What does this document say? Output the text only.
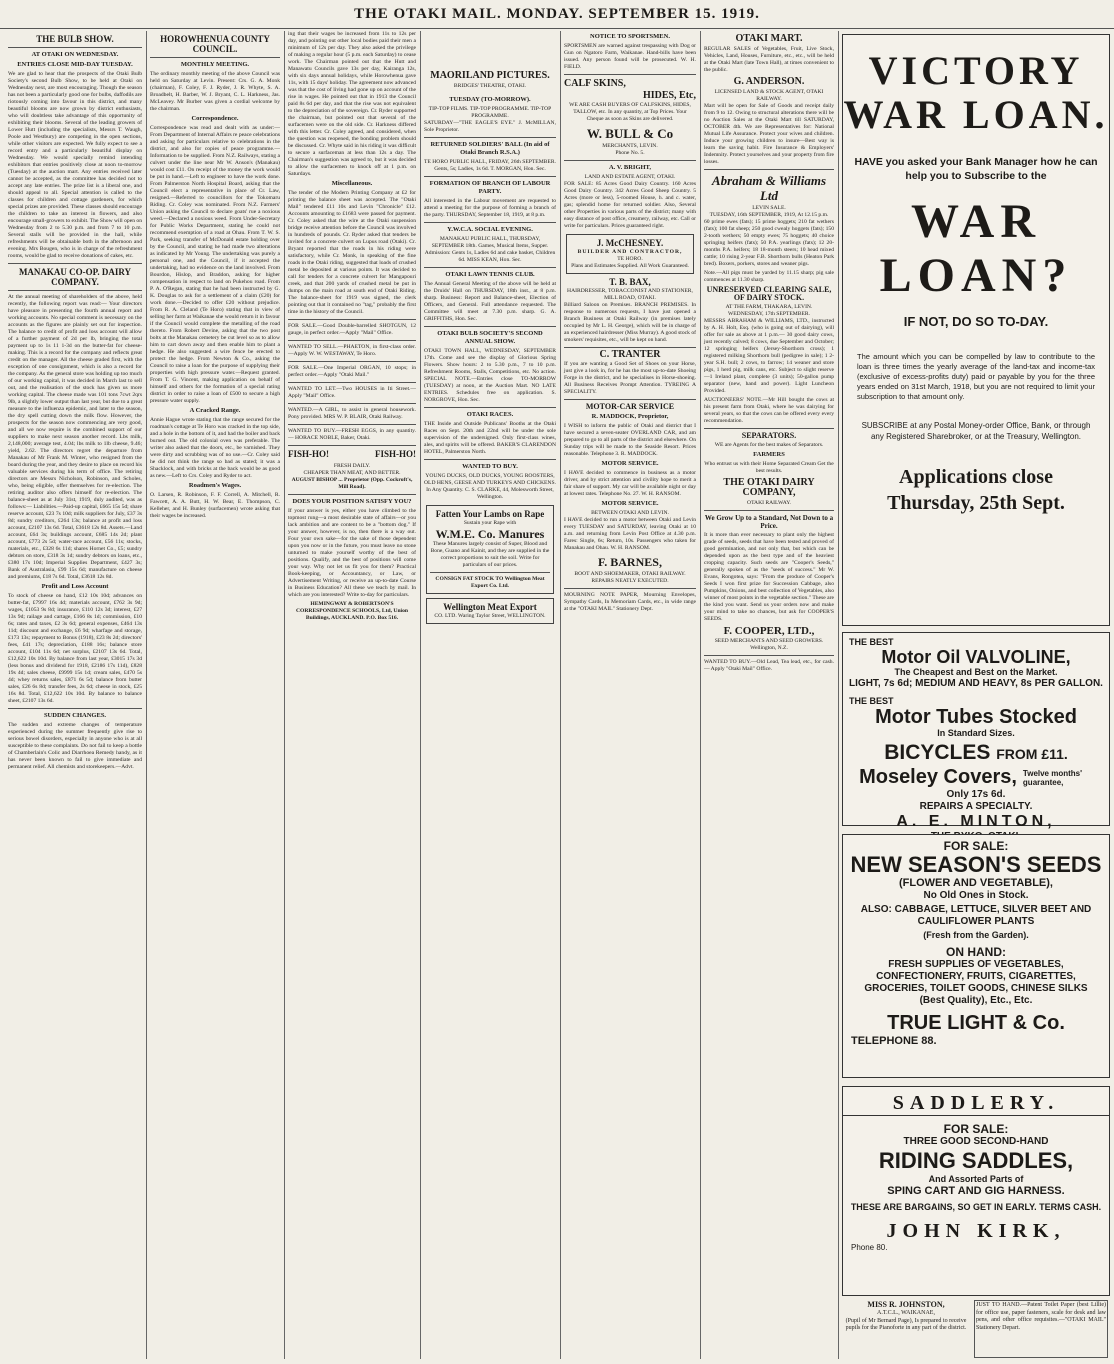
THE OTAKI MAIL. MONDAY. SEPTEMBER 15. 1919.
THE BULB SHOW.
AT OTAKI ON WEDNESDAY.
ENTRIES CLOSE MID-DAY TUESDAY.
We are glad to hear that the prospects of the Otaki Bulb Society's second Bulb Show, to be held at Otaki on Wednesday next, are most encouraging. Though the season has not been a particularly good one for bulbs, daffodils are riotously coming into favour in this district, and many beautiful blooms are now grown by district enthusiasts, who will doubtless take advantage of this opportunity of exhibiting their blooms. Several of the leading growers of Lower Hutt (including the specialists, Messrs T. Waugh, Poole and Westbury) are competing in the open sections, while other visitors are expected. We fully expect to see a record entry and a particularly beautiful display on Wednesday. We would specially remind intending exhibitors that entries positively close at noon to-morrow (Tuesday) at the auction mart. Any entries received later cannot be accepted, as the committee has decided not to accept any late entries. The prize list is a liberal one, and should appeal to all. Special attention is called to the classes for children and cottage gardeners, for which special prizes are provided. These classes should encourage the children to take an interest in flowers, and also encourage small-growers to exhibit. The Show will open on Wednesday from 2 to 5.30 p.m. and from 7 to 10 p.m. Several stalls will be provided in the hall, while refreshments will be obtainable both in the afternoon and evening. Mrs Bougen, who is in charge of the refreshment rooms, would be glad to receive donations of cakes, etc.
MANAKAU CO-OP. DAIRY COMPANY.
At the annual meeting of shareholders of the above, held recently, the following report was read:— Your directors have pleasure in presenting the fourth annual report and working accounts. No special comment is necessary on the accounts as the figures are plainly set out for inspection. The balance to credit of profit and loss account will allow of a further payment of 2d per lb, bringing the total payment up to 1s 11 1-3d on the butter-fat for cheese-making. This is a record for the company and reflects great credit on the manager. All the cheese graded first, with the exception of one consignment, which is also a record for the company. As the general store was holding up too much of our working capital, it was decided in March last to sell out, and the realisation of the stock has given us more working capital. The cheese made was 101 tons 7cwt 2qrs 9lb, a slightly lower output than last year, but due to a great measure to the influenza epidemic, and later to the season, the dry spell cutting down the milk flow. However, the prospects for the season now commencing are very good, and all we now require is the combined support of our suppliers to make next season another record. Lbs milk, 2,148,000; average test, 4.04; lbs milk to 1lb cheese, 9.46; yield, 2.62. The directors regret the departure from Manakau of Mr Frank M. Winter, who resigned from the board during the year, and they desire to place on record his valuable services during his term of office. The retiring directors are Messrs Nicholson, Robinson, and Scholes, who, being eligible, offer themselves for re-election. The retiring auditor also offers himself for re-election. The balance-sheet as at July 31st, 1919, duly audited, was as follows:— Liabilities.—Paid-up capital, £665 15s 5d; share reserve account, £23 7s 10d; milk suppliers for July, £37 3s 8d; sundry creditors, £264 13s; balance at profit and loss account, £2107 13s 6d. Total, £3618 12s 8d. Assets.—Land account, £64 3s; buildings account, £685 14s 2d; plant account, £773 2s 5d; water-race account, £56 11s; stocks, materials, etc., £328 6s 11d; shares Hornet Co., £5; sundry debtors on store, £318 3s 1d; sundry debtors on loans, etc., £380 17s 10d; Imperial Supplies Department, £427 3s; Bank of Australasia, £99 15s 6d; manufacture on cheese and premiums, £18 7s 6d. Total, £3618 12s 8d.
Profit and Loss Account
To stock of cheese on hand, £12 10s 10d; advances on butter-fat, £7997 16s 4d; materials account, £762 3s 9d; wages, £1053 9s 8d; insurance, £110 12s 3d; interest, £27 13s 9d; railage and cartage, £166 8s 1d; commission, £10 6s; rates and taxes, £2 3s 6d; general expenses, £464 13s 11d; discount and exchange, £6 9d; wharfage and storage, £173 13s; repayment to Bonus (1918), £23 8s 2d; directors' fees, £41 17s; depreciation, £188 16s; balance store account, £104 11s 6d; net surplus, £2107 13s 6d. Total, £12,622 10s 10d. By balance from last year, £3015 17s 3d (less bonus and dividend for 1918, £2186 17s 11d), £828 19s 4d; sales cheese, £9999 15s 1d; cream sales, £470 5s 4d; whey returns sales, £871 6s 5d; balance from butter sales, £26 6s 8d; transfer fees, 2s 6d; cheese in stock, £25 16s 8d. Total, £12,622 10s 10d. By balance to balance sheet, £2107 13s 6d.
SUDDEN CHANGES.
The sudden and extreme changes of temperature experienced during the summer frequently give rise to serious bowel disorders, especially in anyone who is at all susceptible to these complaints. Do not fail to keep a bottle of Chamberlain's Colic and Diarrhoea Remedy handy, as it has never been known to fail to give immediate and permanent relief. All chemists and storekeepers.—Advt.
HOROWHENUA COUNTY COUNCIL.
MONTHLY MEETING.
The ordinary monthly meeting of the above Council was held on Saturday at Levin. Present: Crs. G. A. Monk (chairman), F. Coley, F. J. Ryder, J. R. Whyte, S. A. Broadbelt, H. Barber, W. J. Bryant, C. L. Harkness, Jas. McLeavey. Mr Burber was given a cordial welcome by the chairman.
Correspondence.
Correspondence was read and dealt with as under:— From Department of Internal Affairs re peace celebrations and asking for particulars relative to celebrations in the district, and also for copies of peace programme.—Information to be supplied. From N.Z. Railways, stating a culvert under the line near Mr W. Anson's (Manakau) would cost £11. On receipt of the money the work would be put in hand.—Left to engineer to have the work done. From Palmerston North Hospital Board, asking that the Council elect a representative in place of Cr. Law, resigned.—Referred to councillors for the Tokomaru Riding. Cr. Coley was nominated. From N.Z. Farmers' Union asking the Council to declare goats' rue a noxious weed.—Declared a noxious weed. From Under-Secretary for Public Works Department, stating he could not recommend exemption of a road at Ohau. From T. W. S. Park, seeking transfer of McDonald estate holding over by the Council, and stating he had made two alterations as indicated by Mr Young. The undertaking was purely a personal one, and the Council, if it accepted the undertaking, had no evidence on the land involved. From Bourdon, Hislop, and Braddon, asking for higher compensation in respect to land on Pukehou road. From P. A. O'Regan, stating that he had been instructed by G. K. Douglas to ask for a settlement of a claim (£20) for work done.—Decided to offer £20 without prejudice. From R. A. Cleland (Te Horo) stating that in view of selling her farm at Waikanae she would return it in favour if the Council would complete the metalling of the road thereto. From Robert Devine, asking that the two post bolts at the Manakau cemetery be cut level so as to allow him to cart down away and then enable him to plant a hedge. He also suggested a wire fence be erected to protect the hedge. From Newton & Co., asking the Council to raise a loan for the purpose of supplying their properties with high pressure water.—Request granted. From T. G. Vincent, making application on behalf of himself and others for the formation of a special rating district in order to raise a loan of £500 to secure a high pressure water supply.
A Cracked Range.
Annie Hague wrote stating that the range secured for the roadman's cottage at Te Horo was cracked in the top side, and a hole in the bottom of it, and had the boiler and back burned out. The old colonial oven was preferable. The writer also asked that the doors, etc., be varnished. They were dirty and scrubbing was of no use.—Cr. Coley said he did not think the range so bad as stated; it was a Shacklock, and with bricks at the back would be as good as new.—Left to Crs. Coley and Ryder to act.
Roadmen's Wages.
O. Larsen, R. Robinson, F. F. Correll, A. Mitchell, R. Fawcett, A. A. Butt, H. W. Bear, E. Thompson, C. Kelleher, and H. Bunley (surfacemen) wrote asking that their wages be increased.
ing that their wages be increased from 11s to 12s per day, and pointing out other local bodies paid their men a minimum of 12s per day. They also asked the privilege of making a regular hour (5 p.m. each Saturday) to cease work. The Chairman pointed out that the Hutt and Manawatu Councils gave 13s per day, Kairanga 12s, with six days annual holidays, while Horowhenua gave 11s, with 15 days' holiday. The agreement now advanced was that the cost of living had gone up on account of the rise in wages. He pointed out that in 1913 the Council paid 8s 6d per day, and that the rise was not equivalent to the depreciation of the sovereign. Cr. Ryder supported the chairman, but pointed out that several of the surfacemen were on the old side. Cr. Harkness differed with this letter. Cr. Coley agreed, and considered, when the question was reopened, the bonding problem should be discussed. Cr. Whyte said in his riding it was difficult to secure a surfaceman at less than 12s a day. The Chairman's suggestion was agreed to, but it was decided to allow the surfacemen to knock off at 1 p.m. on Saturdays.
Miscellaneous.
The tender of the Modern Printing Company at £2 for printing the balance sheet was accepted. The "Otaki Mail" tendered £11 10s and Levin "Chronicle" £12. Accounts amounting to £1683 were passed for payment. Cr. Coley asked that the wire at the Otaki suspension bridge receive attention before the Council was involved in hundreds of pounds. Cr. Ryder asked that tenders be invited for a concrete culvert on Lupus road (Otaki). Cr. Bryant reported that the roads in his riding were satisfactory, while Cr. Monk, in speaking of the fine roads in the Otaki riding, suggested that loads of crushed metal be deposited at various points. It was decided to call for tenders for a concrete culvert for Mangapouri creek, and that 200 yards of crushed metal be put in dumps on the main road at south end of Otaki Riding. The balance-sheet for 1919 was signed, the clerk pointing out that it contained no "tag," probably the first time in the history of the Council.
FOR SALE.—Good Double-barrelled SHOTGUN, 12 gauge, in perfect order.—Apply "Mail" Office.
WANTED TO SELL.—PHAETON, in first-class order.—Apply W. W. WESTAWAY, Te Horo.
FOR SALE.—One Imperial ORGAN, 10 stops; in perfect order.—Apply "Otaki Mail."
WANTED TO LET.—Two HOUSES in Iti Street.—Apply "Mail" Office.
WANTED.—A GIRL, to assist in general housework. Pony provided. MRS W. P. BLAIR, Otaki Railway.
WANTED TO BUY.—FRESH EGGS, in any quantity. — HORACE NOBLE, Baker, Otaki.
FISH-HO!	FISH-HO!
FRESH DAILY.
CHEAPER THAN MEAT, AND BETTER.
AUGUST BISHOP ... Proprietor (Opp. Cockroft's, Mill Road).
DOES YOUR POSITION SATISFY YOU?
If your answer is yes, either you have climbed to the topmost rung—a most desirable state of affairs—or you lack ambition and are content to be a "bottom dog." If your answer, however, is no, then there is a way out. Four your own sake—for the sake of those dependent upon you now or in the future, you must leave no stone unturned to make yourself worthy of the best of positions. Qualify, and the best of positions will come your way. Why not let us fit you for them? Practical Book-keeping, or Accountancy, or Law, or Advertisement Writing, or receive an up-to-date Course in Business Education? All these we teach by mail. In which are you interested? Write to-day for particulars.
HEMINGWAY & ROBERTSON'S CORRESPONDENCE SCHOOLS, Ltd, Union Buildings, AUCKLAND. P.O. Box 516.
MAORILAND PICTURES.
BRIDGES' THEATRE, OTAKI.
TUESDAY (TO-MORROW).
TIP-TOP FILMS. TIP-TOP PROGRAMME. TIP-TOP PROGRAMME.
SATURDAY—"THE EAGLE'S EYE." J. McMILLAN, Sole Proprietor.
RETURNED SOLDIERS' BALL (In aid of Otaki Branch R.S.A.)
TE HORO PUBLIC HALL, FRIDAY, 26th SEPTEMBER. Gents, 5s; Ladies, 1s 6d. T. MORGAN, Hon. Sec.
FORMATION OF BRANCH OF LABOUR PARTY.
All interested in the Labour movement are requested to attend a meeting for the purpose of forming a branch of the party. THURSDAY, September 18, 1919, at 8 p.m.
Y.W.C.A. SOCIAL EVENING.
MANAKAU PUBLIC HALL, THURSDAY, SEPTEMBER 18th. Games, Musical Items, Supper. Admission: Gents 1s, Ladies 6d and cake basket, Children 6d. MISS KEAN, Hon. Sec.
OTAKI LAWN TENNIS CLUB.
The Annual General Meeting of the above will be held at the Druids' Hall on THURSDAY, 18th inst., at 8 p.m. sharp. Business: Report and Balance-sheet, Election of Officers, and General. Full attendance requested. The Committee will meet at 7.30 p.m. sharp. G. A. GRIFFITHS, Hon. Sec.
OTAKI BULB SOCIETY'S SECOND ANNUAL SHOW.
OTAKI TOWN HALL, WEDNESDAY, SEPTEMBER 17th. Come and see the display of Glorious Spring Flowers. Show hours: 2 to 5.30 p.m., 7 to 10 p.m. Refreshment Rooms, Stalls, Competitions, etc. No action. SPECIAL NOTE.—Entries close TO-MORROW (TUESDAY) at noon, at the Auction Mart. NO LATE ENTRIES. Schedules free on application. S. NORGROVE, Hon. Sec.
OTAKI RACES.
THE Inside and Outside Publicans' Booths at the Otaki Races on Sept. 20th and 22nd will be under the sole supervision of the undersigned. Only first-class wines, ales, and spirits will be offered. BAKER'S CLARENDON HOTEL, Palmerston North.
WANTED TO BUY.
YOUNG DUCKS, OLD DUCKS, YOUNG ROOSTERS, OLD HENS, GEESE AND TURKEYS AND CHICKENS. In Any Quantity. C. S. CLARKE, 44, Molesworth Street, Wellington.
Fatten Your Lambs on Rape
Sustain your Rape with
W.M.E. Co. Manures
These Manures largely consist of Super, Blood and Bone, Guano and Kainit, and they are supplied in the correct proportions to suit the soil. Write for particulars of our prices.
CONSIGN FAT STOCK TO Wellington Meat Export Co. Ltd.
Wellington Meat Export
CO. LTD. Waring Taylor Street, WELLINGTON.
NOTICE TO SPORTSMEN.
SPORTSMEN are warned against trespassing with Dog or Gun on Ngatoro Farm, Waikanae. Hand-bills have been issued. Any person found will be prosecuted. W. H. FIELD.
CALF SKINS,
HIDES, Etc,
WE ARE CASH BUYERS OF CALFSKINS, HIDES, TALLOW, etc. In any quantity, at Top Prices. Your Cheque as soon as Skins are delivered.
W. BULL & Co
MERCHANTS, LEVIN.
Phone No. 5.
A. V. BRIGHT,
LAND AND ESTATE AGENT, OTAKI.
FOR SALE: 85 Acres Good Dairy Country. 160 Acres Good Dairy Country. 342 Acres Good Sheep Country. 5 Acres (more or less), 5-roomed House, h. and c. water, gas; splendid home for returned soldier. Also, Several other Properties in various parts of the district; many with easy distance of post office, creamery, railway, etc. Call or write for particulars. Prices guaranteed right.
J. McCHESNEY.
BUILDER AND CONTRACTOR,
TE HORO.
Plans and Estimates Supplied. All Work Guaranteed.
T. B. BAX,
HAIRDRESSER, TOBACCONIST AND STATIONER,
MILL ROAD, OTAKI.
Billiard Saloon on Premises. BRANCH PREMISES. In response to numerous requests, I have just opened a Branch Business at Otaki Railway (in premises lately occupied by Mr L. H. George), which will be in charge of an experienced hairdresser (Miss Murray). A good stock of smokers' requisites, etc., will be kept on hand.
C. TRANTER
If you are wanting a Good Set of Shoes on your Horse, just give a look in, for he has the most up-to-date Shoeing Forge in the district, and he specialises in Horse-shoeing. All Business Receives Prompt Attention. TYREING A SPECIALITY.
MOTOR-CAR SERVICE
R. MADDOCK, Proprietor,
I WISH to inform the public of Otaki and district that I have secured a seven-seater OVERLAND CAR, and am prepared to go to all parts of the district and elsewhere. On Sunday trips will be made to the Seaside Resort. Prices reasonable. Telephone 3. R. MADDOCK.
MOTOR SERVICE.
I HAVE decided to commence in business as a motor driver, and by strict attention and civility hope to merit a fair share of support. My car will be available night or day at lowest rates. Telephone No. 27. W. H. RANSOM.
MOTOR SERVICE.
BETWEEN OTAKI AND LEVIN.
I HAVE decided to run a motor between Otaki and Levin every TUESDAY and SATURDAY, leaving Otaki at 10 a.m. and returning from Levin Post Office at 4.30 p.m. Fares: Single, 6s; Return, 10s. Passengers who taken for Manakau and Ohau. W. H. RANSOM.
F. BARNES,
BOOT AND SHOEMAKER, OTAKI RAILWAY. REPAIRS NEATLY EXECUTED.
MOURNING NOTE PAPER, Mourning Envelopes, Sympathy Cards, In Memoriam Cards, etc., in wide range at the "OTAKI MAIL" Stationery Dept.
OTAKI MART.
REGULAR SALES of Vegetables, Fruit, Live Stock, Vehicles, Land, Houses, Furniture, etc., etc., will be held at the Otaki Mart (late Town Hall), at times convenient to the public.
G. ANDERSON.
LICENSED LAND & STOCK AGENT, OTAKI RAILWAY.
Mart will be open for Sale of Goods and receipt daily from 9 to 12. Owing to structural alterations there will be no Auction Sales at the Otaki Mart till SATURDAY, OCTOBER 4th. We are Representatives for: National Mutual Life Assurance. Protect your wives and children. Induce your growing children to insure—Best way is learn the saving habit. Fire Insurance & Employers' Indemnity. Protect yourselves and your property from fire losses.
Abraham & Williams Ltd
LEVIN SALE.
TUESDAY, 16th SEPTEMBER, 1919, At 12.15 p.m.
60 prime ewes (fats); 15 prime hoggets; 210 fat wethers (fats); 100 fat sheep; 250 good cwealy hoggets (fats); 150 2-tooth wethers; 50 empty ewes; 75 hoggets; 40 choice springing heifers (fats); 50 P.A. yearlings (fats); 12 20-months P.A. heifers; 18 18-month steers; 10 head mixed cattle; 10 rising 2-year F.B. Shorthorn bulls (Heaton Park bred). Boxers, porkers, stores and weaner pigs.
Note.—All pigs must be yarded by 11.15 sharp; pig sale commences at 11.30 sharp.
UNRESERVED CLEARING SALE, OF DAIRY STOCK.
AT THE FARM, THAKARA, LEVIN.
WEDNESDAY, 17th SEPTEMBER.
MESSRS ABRAHAM & WILLIAMS, LTD., instructed by A. H. Holt, Esq. (who is going out of dairying), will offer for sale as above at 1 p.m.— 30 good dairy cows, just recently calved; 8 cows, due September and October; 12 springing heifers (Jersey-Shorthorn cross); 1 registered milking Shorthorn bull (pedigree in sale); 1 2-year S.H. bull; 2 cows, to farrow; 14 weaner and store pigs, 1 herd pig, milk cans, etc. Subject to slight reserve—1 Ireland plant, complete (3 units); 50-gallon pump separator (new, hand and power). Light Luncheon Provided.
AUCTIONEERS' NOTE.—Mr Hill bought the cows at his present farm from Otaki, where he was dairying for several years, so that the cows can be offered every every recommendation.
SEPARATORS.
WE are Agents for the best makes of Separators.
FARMERS
Who entrust us with their Home Separated Cream Get the best results.
THE OTAKI DAIRY COMPANY,
OTAKI RAILWAY.
We Grow Up to a Standard, Not Down to a Price.
It is more than ever necessary to plant only the highest grade of seeds, seeds that have been tested and proved of good germination, and not only that, but which can be depended upon as the best type and of the heaviest cropping capacity. Such seeds are "Cooper's Seeds," generally spoken of as the "seeds of success." Mr W. Evans, Rongotea, says: "From the produce of Cooper's Seeds I won first prize for Succession Cabbage, also Pumpkins, Onions, and best collection of Vegetables, also winner of most points in the vegetable section." These are the kind you want. Send us your orders now and make your mind to take no chances, but ask for COOPER'S SEEDS.
F. COOPER, LTD.,
SEED MERCHANTS AND SEED GROWERS. Wellington, N.Z.
WANTED TO BUY.—Old Lead, Tea lead, etc., for cash. — Apply "Otaki Mail" Office.
VICTORY
WAR LOAN.
HAVE you asked your Bank Manager how he can help you to Subscribe to the
WAR LOAN?
IF NOT, DO SO TO-DAY.
The amount which you can be compelled by law to contribute to the loan is three times the yearly average of the land-tax and income-tax (exclusive of excess-profits duty) paid or payable by you for the three years ended on 31st March, 1918, but you are not required to limit your subscription to that amount only.
SUBSCRIBE at any Postal Money-order Office, Bank, or through any Registered Sharebroker, or at the Treasury, Wellington.
Applications close
Thursday, 25th Sept.
THE BEST
Motor Oil VALVOLINE,
The Cheapest and Best on the Market.
LIGHT, 7s 6d; MEDIUM AND HEAVY, 8s PER GALLON.
THE BEST
Motor Tubes Stocked
In Standard Sizes.
BICYCLES FROM £11.
Moseley Covers, Twelve months' guarantee,
Only 17s 6d.
REPAIRS A SPECIALTY.
A. E. MINTON,
FOR SALE:
NEW SEASON'S SEEDS
(FLOWER AND VEGETABLE),
No Old Ones in Stock.
ALSO: CABBAGE, LETTUCE, SILVER BEET AND CAULIFLOWER PLANTS
(Fresh from the Garden).
ON HAND:
FRESH SUPPLIES OF VEGETABLES, CONFECTIONERY, FRUITS, CIGARETTES, GROCERIES, TOILET GOODS, CHINESE SILKS
(Best Quality), Etc., Etc.
TRUE LIGHT & Co.
TELEPHONE 88.
SADDLERY.
FOR SALE:
THREE GOOD SECOND-HAND
RIDING SADDLES,
And Assorted Parts of
SPING CART AND GIG HARNESS.
THESE ARE BARGAINS, SO GET IN EARLY. TERMS CASH.
JOHN KIRK,
Phone 80.
MISS R. JOHNSTON,
A.T.C.L., WAIKANAE,
(Pupil of Mr Bernard Page), Is prepared to receive pupils for the Pianoforte in any part of the district.
JUST TO HAND.—Patent Toilet Paper (best Lillie) for office use, paper fasteners, scale for desk and law pens, and other office requisites.—"OTAKI MAIL" Stationery Depart.
